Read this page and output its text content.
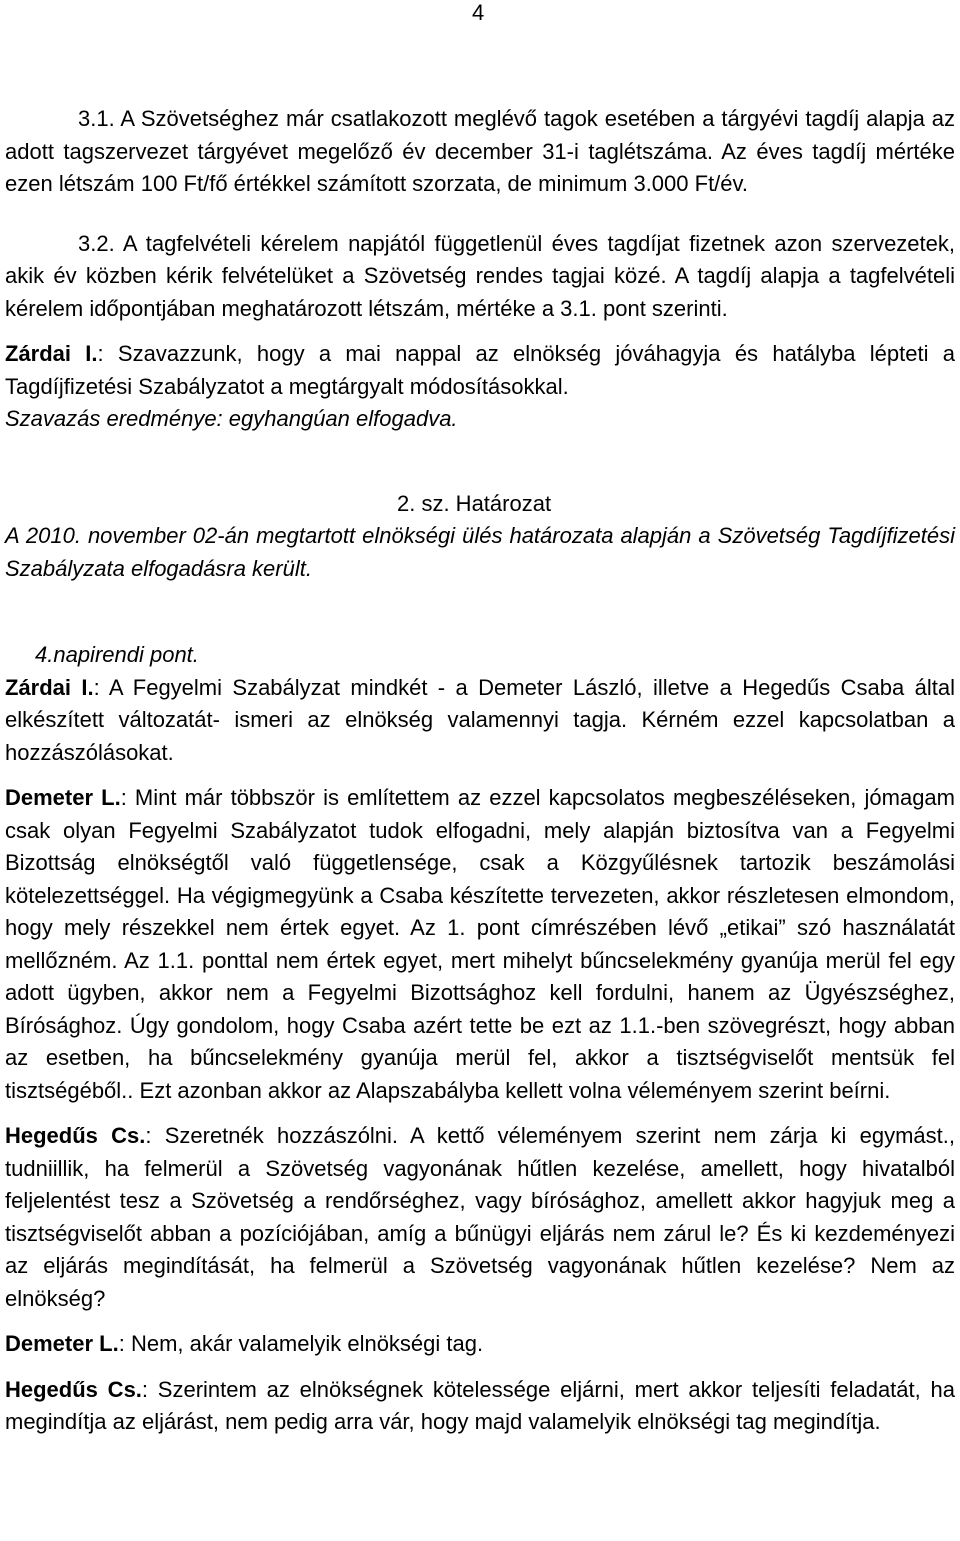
4

3.1. A Szövetséghez már csatlakozott meglévő tagok esetében a tárgyévi tagdíj alapja az adott tagszervezet tárgyévet megelőző év december 31-i taglétszáma. Az éves tagdíj mértéke ezen létszám 100 Ft/fő értékkel számított szorzata, de minimum 3.000 Ft/év.

3.2. A tagfelvételi kérelem napjától függetlenül éves tagdíjat fizetnek azon szervezetek, akik év közben kérik felvételüket a Szövetség rendes tagjai közé. A tagdíj alapja a tagfelvételi kérelem időpontjában meghatározott létszám, mértéke a 3.1. pont szerinti.

Zárdai I.: Szavazzunk, hogy a mai nappal az elnökség jóváhagyja és hatályba lépteti a Tagdíjfizetési Szabályzatot a megtárgyalt módosításokkal.

Szavazás eredménye: egyhangúan elfogadva.

2. sz. Határozat

A 2010. november 02-án megtartott elnökségi ülés határozata alapján a Szövetség Tagdíjfizetési Szabályzata elfogadásra került.

4.napirendi pont.

Zárdai I.: A Fegyelmi Szabályzat mindkét - a Demeter László, illetve a Hegedűs Csaba által elkészített változatát- ismeri az elnökség valamennyi tagja. Kérném ezzel kapcsolatban a hozzászólásokat.

Demeter L.: Mint már többször is említettem az ezzel kapcsolatos megbeszéléseken, jómagam csak olyan Fegyelmi Szabályzatot tudok elfogadni, mely alapján biztosítva van a Fegyelmi Bizottság elnökségtől való függetlensége, csak a Közgyűlésnek tartozik beszámolási kötelezettséggel. Ha végigmegyünk a Csaba készítette tervezeten, akkor részletesen elmondom, hogy mely részekkel nem értek egyet. Az 1. pont címrészében lévő „etikai” szó használatát mellőzném. Az 1.1. ponttal nem értek egyet, mert mihelyt bűncselekmény gyanúja merül fel egy adott ügyben, akkor nem a Fegyelmi Bizottsághoz kell fordulni, hanem az Ügyészséghez, Bírósághoz. Úgy gondolom, hogy Csaba azért tette be ezt az 1.1.-ben szövegrészt, hogy abban az esetben, ha bűncselekmény gyanúja merül fel, akkor a tisztségviselőt mentsük fel tisztségéből.. Ezt azonban akkor az Alapszabályba kellett volna véleményem szerint beírni.

Hegedűs Cs.: Szeretnék hozzászólni. A kettő véleményem szerint nem zárja ki egymást., tudniillik, ha felmerül a Szövetség vagyonának hűtlen kezelése, amellett, hogy hivatalból feljelentést tesz a Szövetség a rendőrséghez, vagy bírósághoz, amellett akkor hagyjuk meg a tisztségviselőt abban a pozíciójában, amíg a bűnügyi eljárás nem zárul le? És ki kezdeményezi az eljárás megindítását, ha felmerül a Szövetség vagyonának hűtlen kezelése? Nem az elnökség?

Demeter L.: Nem, akár valamelyik elnökségi tag.

Hegedűs Cs.: Szerintem az elnökségnek kötelessége eljárni, mert akkor teljesíti feladatát, ha megindítja az eljárást, nem pedig arra vár, hogy majd valamelyik elnökségi tag megindítja.
